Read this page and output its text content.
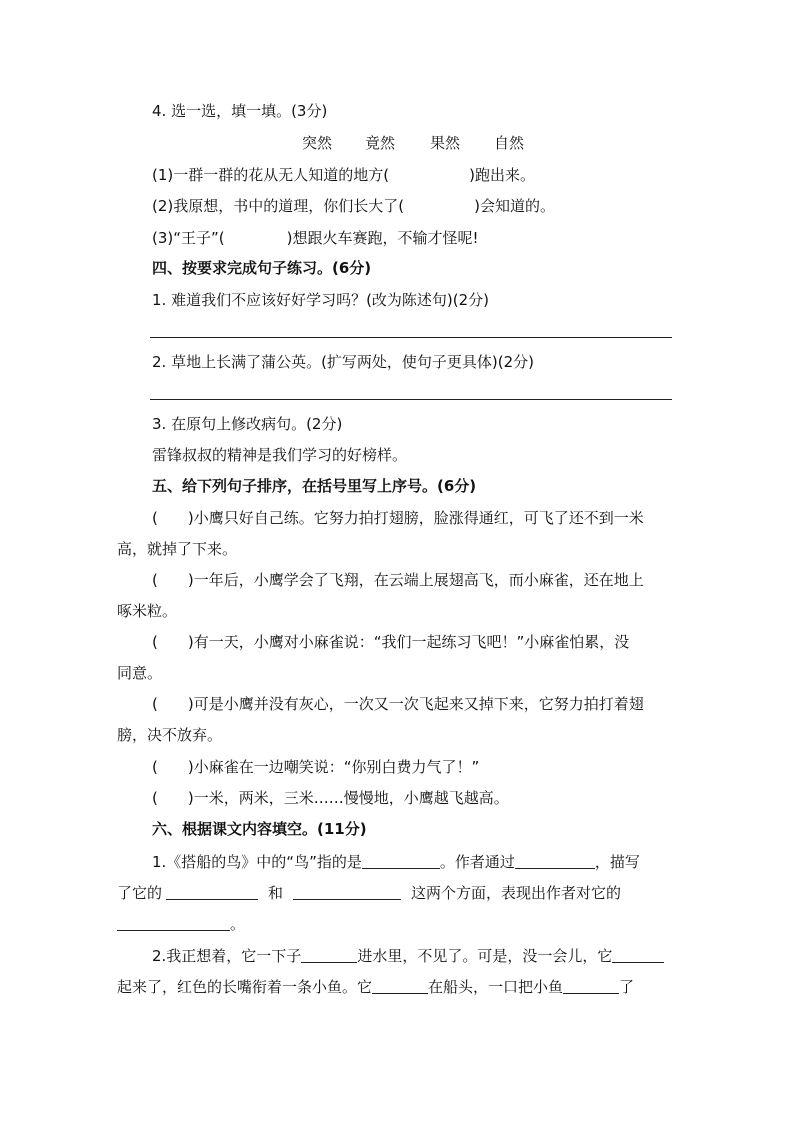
4. 选一选，填一填。(3分)
突然 竟然 果然 自然
(1)一群一群的花从无人知道的地方(	)跑出来。
(2)我原想，书中的道理，你们长大了(	)会知道的。
(3)“王子”(	)想跟火车赛跑，不输才怪呢!
四、按要求完成句子练习。(6分)
1. 难道我们不应该好好学习吗？(改为陈述句)(2分)
2. 草地上长满了蒲公英。(扩写两处，使句子更具体)(2分)
3. 在原句上修改病句。(2分)
雷锋叔叔的精神是我们学习的好榜样。
五、给下列句子排序，在括号里写上序号。(6分)
( )小鹰只好自己练。它努力拍打翅膀，脸涨得通红，可飞了还不到一米
高，就掉了下来。
( )一年后，小鹰学会了飞翔，在云端上展翅高飞，而小麻雀，还在地上
啄米粒。
( )有一天，小鹰对小麻雀说：“我们一起练习飞吧！”小麻雀怕累，没
同意。
( )可是小鹰并没有灰心，一次又一次飞起来又掉下来，它努力拍打着翅
膀，决不放弃。
( )小麻雀在一边嘲笑说：“你别白费力气了！”
( )一米，两米，三米……慢慢地，小鹰越飞越高。
六、根据课文内容填空。(11分)
1.《搭船的鸟》中的“鸟”指的是	。作者通过	，描写
了它的	和	这两个方面，表现出作者对它的
。
2.我正想着，它一下子	进水里，不见了。可是，没一会儿，它
起来了，红色的长嘴衔着一条小鱼。它	在船头，一口把小鱼	了
